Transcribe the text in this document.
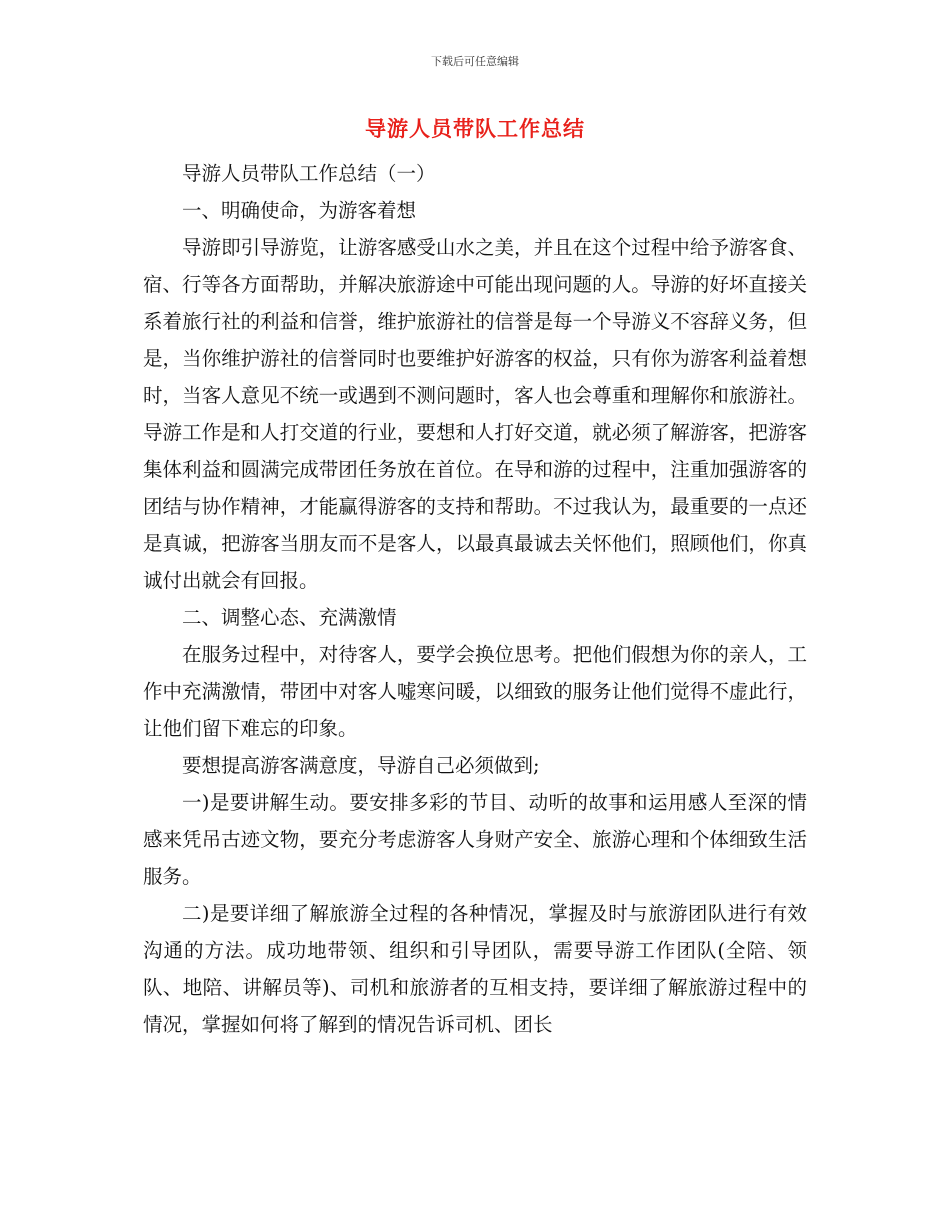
下载后可任意编辑
导游人员带队工作总结

导游人员带队工作总结（一）

一、明确使命，为游客着想

导游即引导游览，让游客感受山水之美，并且在这个过程中给予游客食、宿、行等各方面帮助，并解决旅游途中可能出现问题的人。导游的好坏直接关系着旅行社的利益和信誉，维护旅游社的信誉是每一个导游义不容辞义务，但是，当你维护游社的信誉同时也要维护好游客的权益，只有你为游客利益着想时，当客人意见不统一或遇到不测问题时，客人也会尊重和理解你和旅游社。导游工作是和人打交道的行业，要想和人打好交道，就必须了解游客，把游客集体利益和圆满完成带团任务放在首位。在导和游的过程中，注重加强游客的团结与协作精神，才能赢得游客的支持和帮助。不过我认为，最重要的一点还是真诚，把游客当朋友而不是客人，以最真最诚去关怀他们，照顾他们，你真诚付出就会有回报。

二、调整心态、充满激情

在服务过程中，对待客人，要学会换位思考。把他们假想为你的亲人，工作中充满激情，带团中对客人嘘寒问暖，以细致的服务让他们觉得不虚此行，让他们留下难忘的印象。

要想提高游客满意度，导游自己必须做到;

一)是要讲解生动。要安排多彩的节目、动听的故事和运用感人至深的情感来凭吊古迹文物，要充分考虑游客人身财产安全、旅游心理和个体细致生活服务。

二)是要详细了解旅游全过程的各种情况，掌握及时与旅游团队进行有效沟通的方法。成功地带领、组织和引导团队，需要导游工作团队(全陪、领队、地陪、讲解员等)、司机和旅游者的互相支持，要详细了解旅游过程中的情况，掌握如何将了解到的情况告诉司机、团长
